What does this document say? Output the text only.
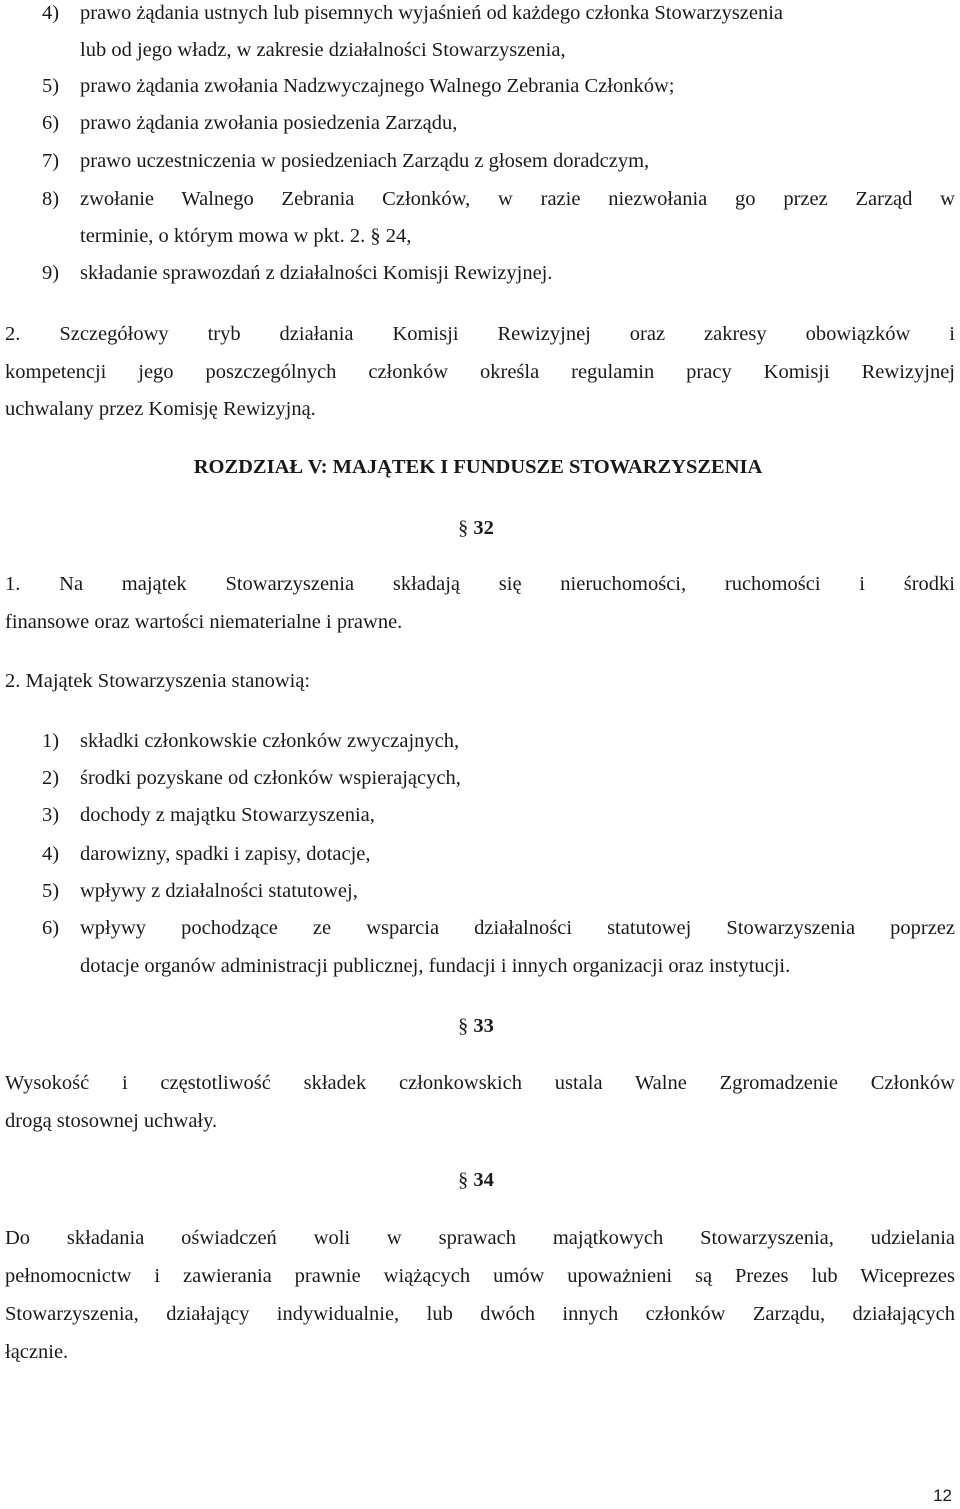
4) prawo żądania ustnych lub pisemnych wyjaśnień od każdego członka Stowarzyszenia
lub od jego władz, w zakresie działalności Stowarzyszenia,
5) prawo żądania zwołania Nadzwyczajnego Walnego Zebrania Członków;
6) prawo żądania zwołania posiedzenia Zarządu,
7) prawo uczestniczenia w posiedzeniach Zarządu z głosem doradczym,
8) zwołanie Walnego Zebrania Członków, w razie niezwołania go przez Zarząd w
terminie, o którym mowa w pkt. 2. § 24,
9) składanie sprawozdań z działalności Komisji Rewizyjnej.
2. Szczegółowy tryb działania Komisji Rewizyjnej oraz zakresy obowiązków i
kompetencji jego poszczególnych członków określa regulamin pracy Komisji Rewizyjnej
uchwalany przez Komisję Rewizyjną.
ROZDZIAŁ V: MAJĄTEK I FUNDUSZE STOWARZYSZENIA
§ 32
1. Na majątek Stowarzyszenia składają się nieruchomości, ruchomości i środki
finansowe oraz wartości niematerialne i prawne.
2. Majątek Stowarzyszenia stanowią:
1) składki członkowskie członków zwyczajnych,
2) środki pozyskane od członków wspierających,
3) dochody z majątku Stowarzyszenia,
4) darowizny, spadki i zapisy, dotacje,
5) wpływy z działalności statutowej,
6) wpływy pochodzące ze wsparcia działalności statutowej Stowarzyszenia poprzez
dotacje organów administracji publicznej, fundacji i innych organizacji oraz instytucji.
§ 33
Wysokość i częstotliwość składek członkowskich ustala Walne Zgromadzenie Członków
drogą stosownej uchwały.
§ 34
Do składania oświadczeń woli w sprawach majątkowych Stowarzyszenia, udzielania
pełnomocnictw i zawierania prawnie wiążących umów upoważnieni są Prezes lub Wiceprezes
Stowarzyszenia, działający indywidualnie, lub dwóch innych członków Zarządu, działających
łącznie.
12
